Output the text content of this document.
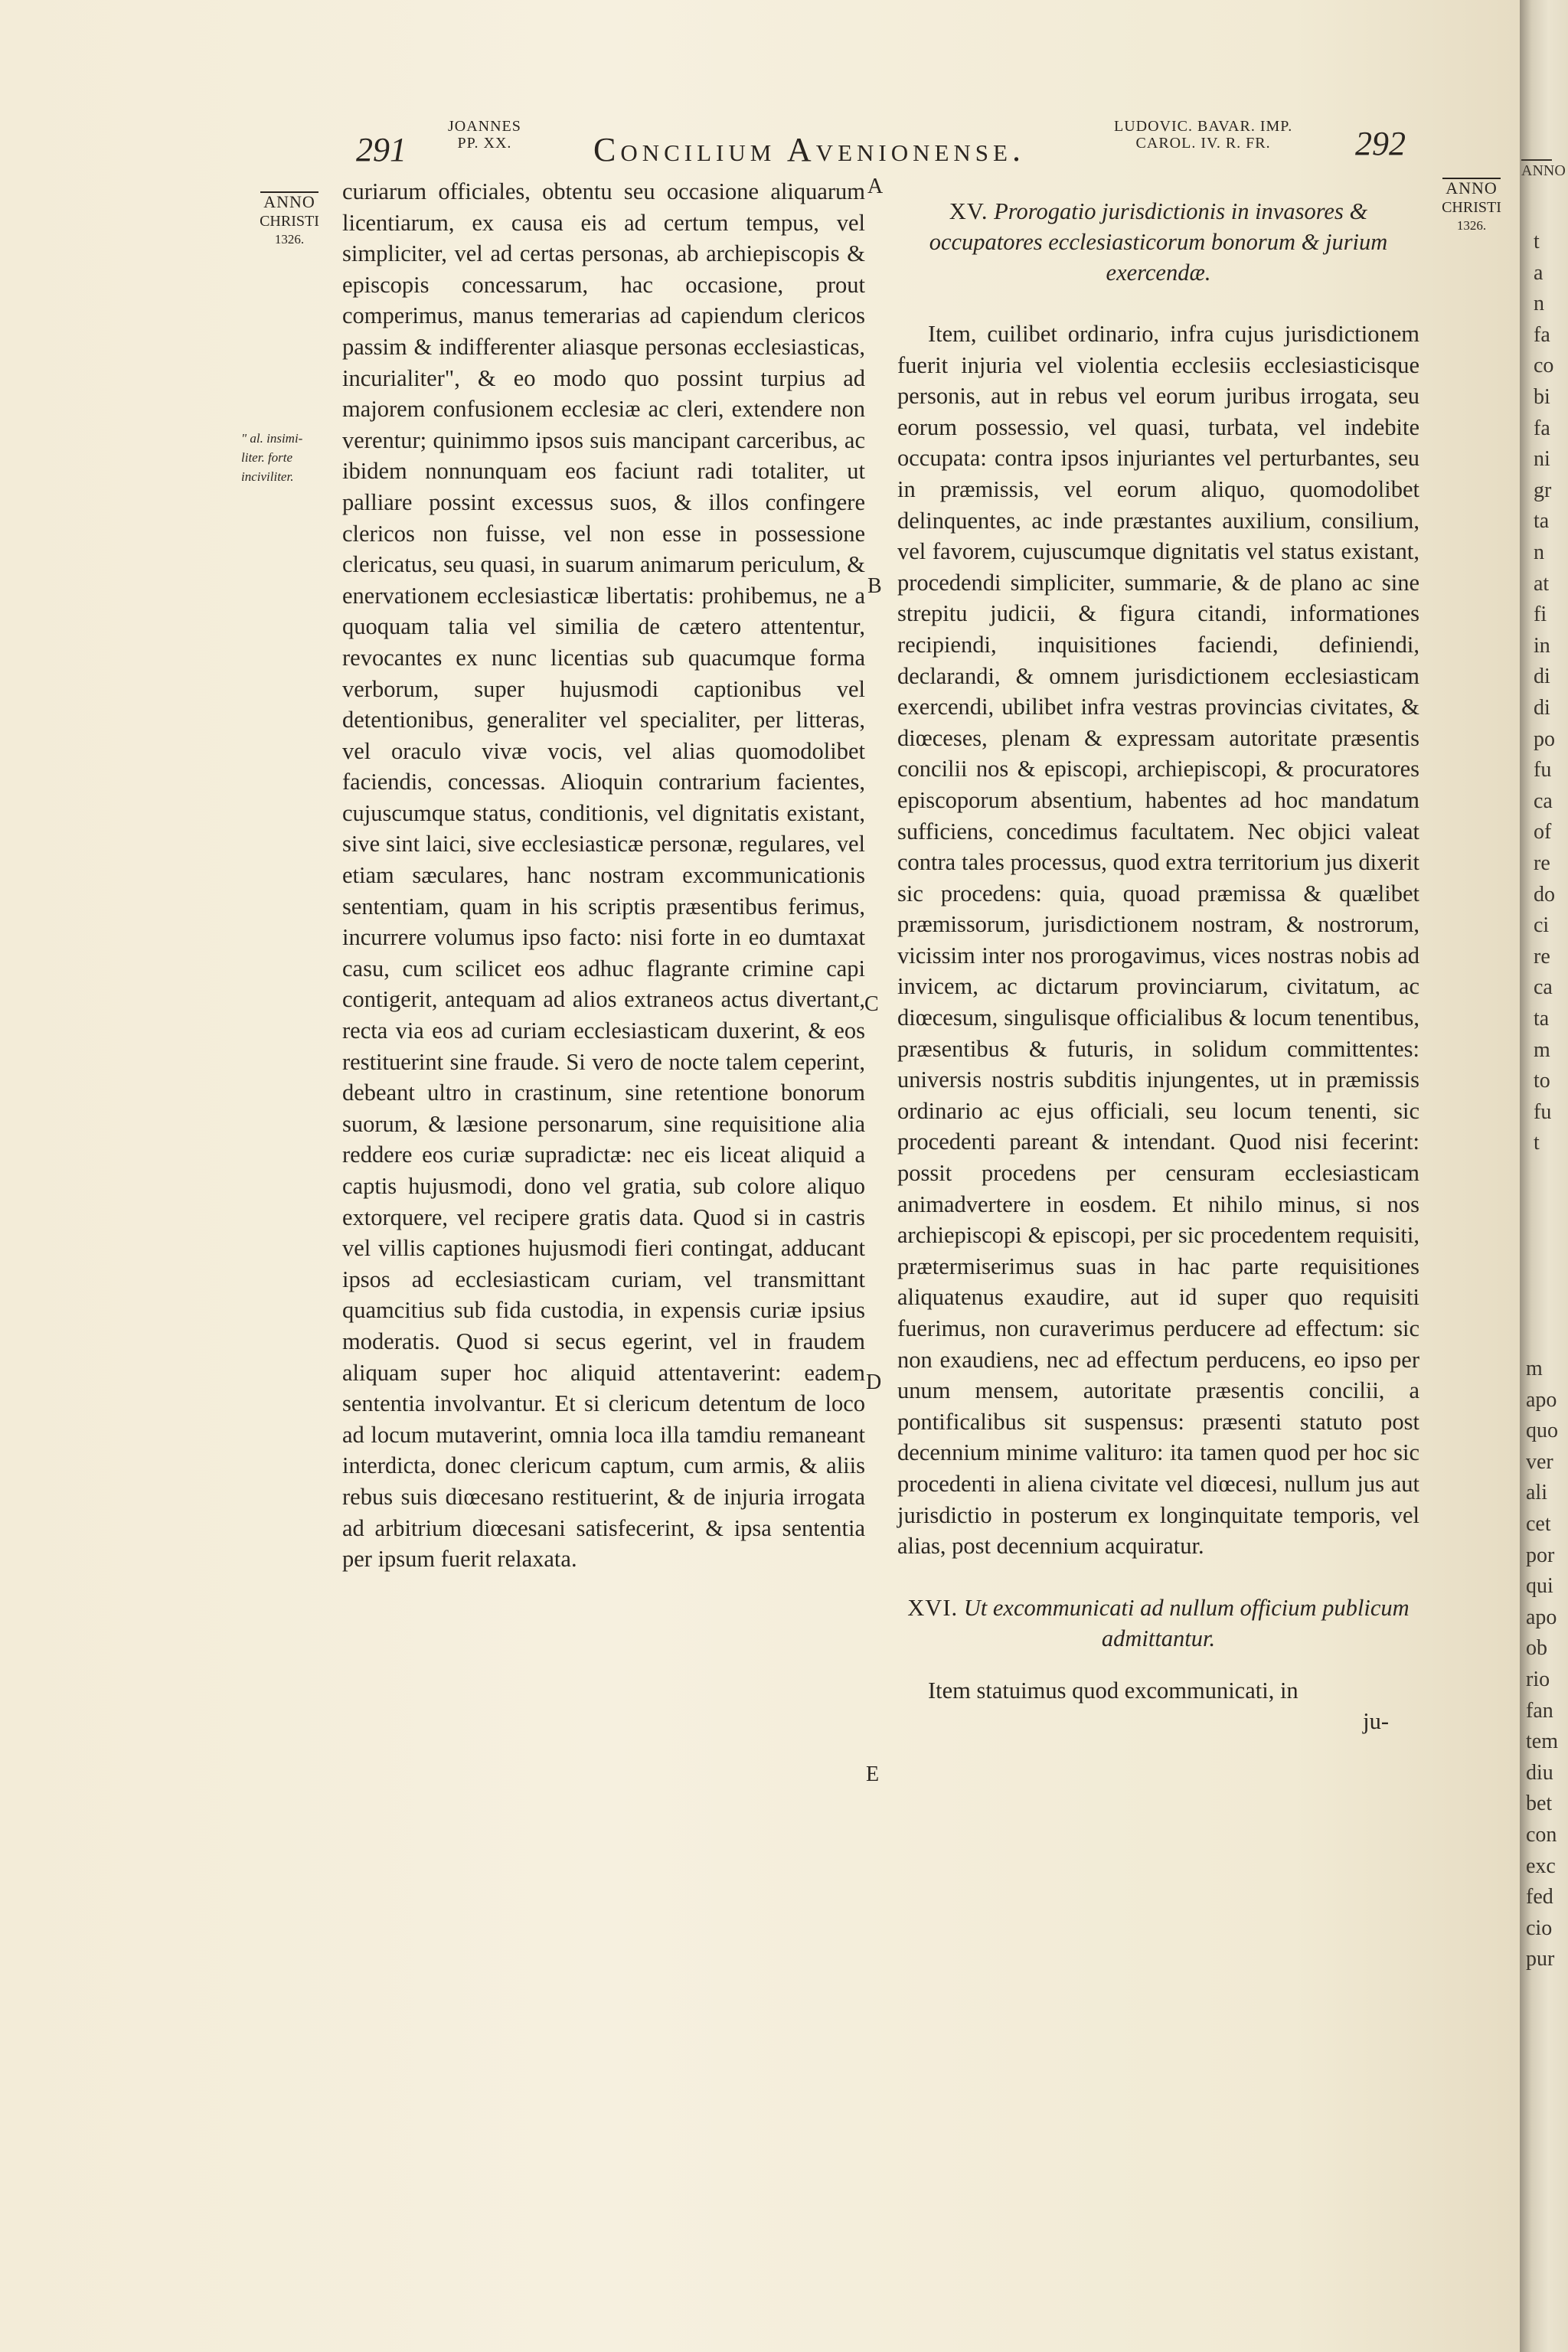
291
JOANNES
PP. XX. Concilium Avenionense.
LUDOVIC. BAVAR. IMP.
CAROL. IV. R. FR.	292
ANNO
CHRISTI
1326.
ANNO
CHRISTI
1326.
" al. insimi-
liter. forte
inciviliter.
A
B
C
D
E

curiarum officiales, obtentu seu occasione aliquarum licentiarum, ex causa eis ad certum tempus, vel simpliciter, vel ad certas personas, ab archiepiscopis & episcopis concessarum, hac occasione, prout comperimus, manus temerarias ad capiendum clericos passim & indifferenter aliasque personas ecclesiasticas, incurialiter", & eo modo quo possint turpius ad majorem confusionem ecclesiæ ac cleri, extendere non verentur; quinimmo ipsos suis mancipant carceribus, ac ibidem nonnunquam eos faciunt radi totaliter, ut palliare possint excessus suos, & illos confingere clericos non fuisse, vel non esse in possessione clericatus, seu quasi, in suarum animarum periculum, & enervationem ecclesiasticæ libertatis: prohibemus, ne a quoquam talia vel similia de cætero attententur, revocantes ex nunc licentias sub quacumque forma verborum, super hujusmodi captionibus vel detentionibus, generaliter vel specialiter, per litteras, vel oraculo vivæ vocis, vel alias quomodolibet faciendis, concessas. Alioquin contrarium facientes, cujuscumque status, conditionis, vel dignitatis existant, sive sint laici, sive ecclesiasticæ personæ, regulares, vel etiam sæculares, hanc nostram excommunicationis sententiam, quam in his scriptis præsentibus ferimus, incurrere volumus ipso facto: nisi forte in eo dumtaxat casu, cum scilicet eos adhuc flagrante crimine capi contigerit, antequam ad alios extraneos actus divertant, recta via eos ad curiam ecclesiasticam duxerint, & eos restituerint sine fraude. Si vero de nocte talem ceperint, debeant ultro in crastinum, sine retentione bonorum suorum, & læsione personarum, sine requisitione alia reddere eos curiæ supradictæ: nec eis liceat aliquid a captis hujusmodi, dono vel gratia, sub colore aliquo extorquere, vel recipere gratis data. Quod si in castris vel villis captiones hujusmodi fieri contingat, adducant ipsos ad ecclesiasticam curiam, vel transmittant quamcitius sub fida custodia, in expensis curiæ ipsius moderatis. Quod si secus egerint, vel in fraudem aliquam super hoc aliquid attentaverint: eadem sententia involvantur. Et si clericum detentum de loco ad locum mutaverint, omnia loca illa tamdiu remaneant interdicta, donec clericum captum, cum armis, & aliis rebus suis diœcesano restituerint, & de injuria irrogata ad arbitrium diœcesani satisfecerint, & ipsa sententia per ipsum fuerit relaxata.

XV. Prorogatio jurisdictionis in invasores & occupatores ecclesiasticorum bonorum & jurium exercendæ.

Item, cuilibet ordinario, infra cujus jurisdictionem fuerit injuria vel violentia ecclesiis ecclesiasticisque personis, aut in rebus vel eorum juribus irrogata, seu eorum possessio, vel quasi, turbata, vel indebite occupata: contra ipsos injuriantes vel perturbantes, seu in præmissis, vel eorum aliquo, quomodolibet delinquentes, ac inde præstantes auxilium, consilium, vel favorem, cujuscumque dignitatis vel status existant, procedendi simpliciter, summarie, & de plano ac sine strepitu judicii, & figura citandi, informationes recipiendi, inquisitiones faciendi, definiendi, declarandi, & omnem jurisdictionem ecclesiasticam exercendi, ubilibet infra vestras provincias civitates, & diœceses, plenam & expressam autoritate præsentis concilii nos & episcopi, archiepiscopi, & procuratores episcoporum absentium, habentes ad hoc mandatum sufficiens, concedimus facultatem. Nec objici valeat contra tales processus, quod extra territorium jus dixerit sic procedens: quia, quoad præmissa & quælibet præmissorum, jurisdictionem nostram, & nostrorum, vicissim inter nos prorogavimus, vices nostras nobis ad invicem, ac dictarum provinciarum, civitatum, ac diœcesum, singulisque officialibus & locum tenentibus, præsentibus & futuris, in solidum committentes: universis nostris subditis injungentes, ut in præmissis ordinario ac ejus officiali, seu locum tenenti, sic procedenti pareant & intendant. Quod nisi fecerint: possit procedens per censuram ecclesiasticam animadvertere in eosdem. Et nihilo minus, si nos archiepiscopi & episcopi, per sic procedentem requisiti, prætermiserimus suas in hac parte requisitiones aliquatenus exaudire, aut id super quo requisiti fuerimus, non curaverimus perducere ad effectum: sic non exaudiens, nec ad effectum perducens, eo ipso per unum mensem, autoritate præsentis concilii, a pontificalibus sit suspensus: præsenti statuto post decennium minime valituro: ita tamen quod per hoc sic procedenti in aliena civitate vel diœcesi, nullum jus aut jurisdictio in posterum ex longinquitate temporis, vel alias, post decennium acquiratur.

XVI. Ut excommunicati ad nullum officium publicum admittantur.

Item statuimus quod excommunicati, in

ju-

ANNO
t
a
n
fa
co
bi
fa
ni
gr
ta
n
at
fi
in
di
di
po
fu
ca
of
re
do
ci
re
ca
ta
m
to
fu
t
m
apo
quo
ver
ali
cet
por
qui
apo
ob
rio
fan
tem
diu
bet
con
exc
fed
cio
pur
